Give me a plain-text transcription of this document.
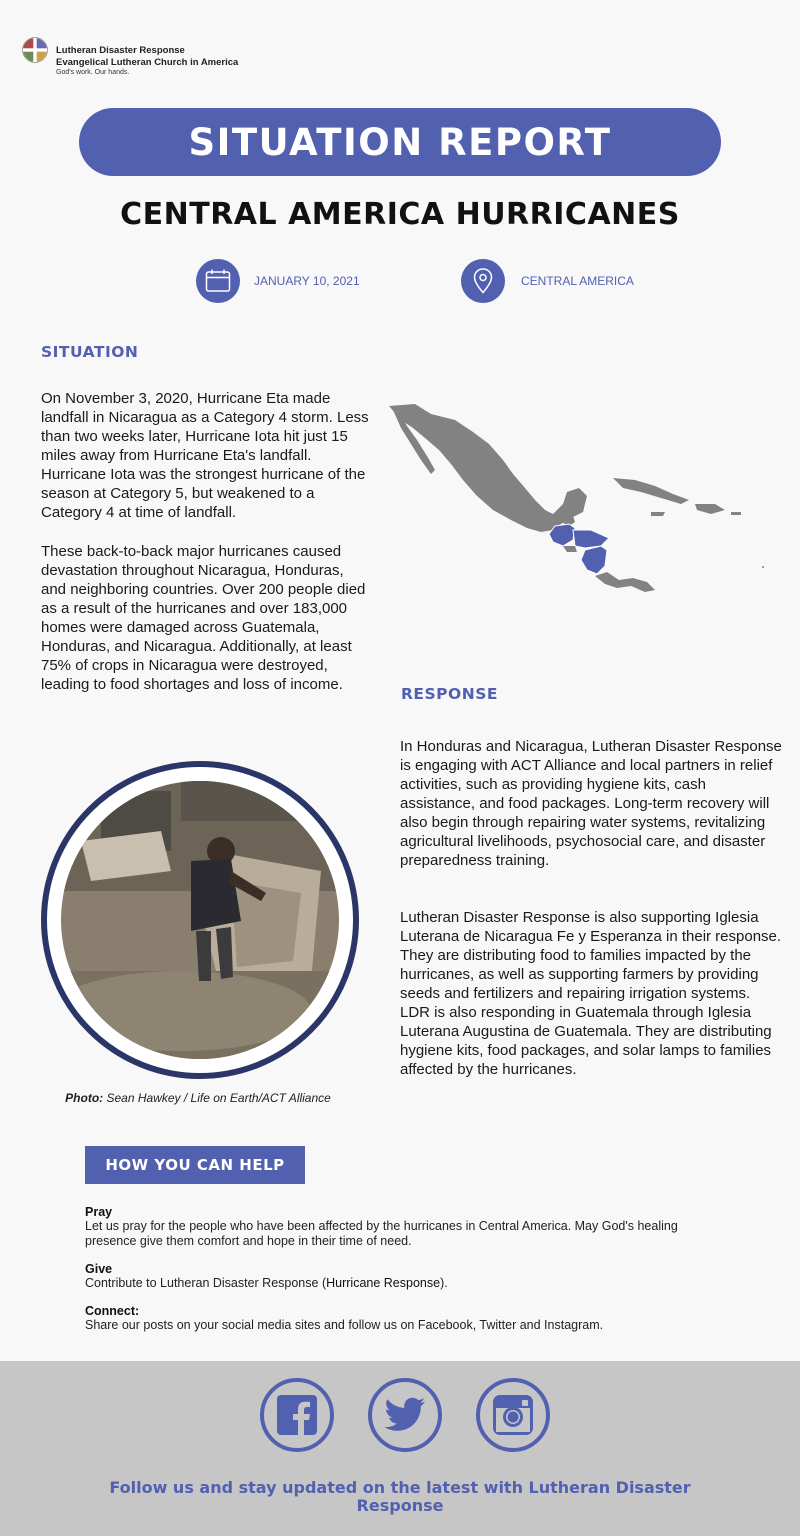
Lutheran Disaster Response
Evangelical Lutheran Church in America
God's work. Our hands.
SITUATION REPORT
CENTRAL AMERICA HURRICANES
JANUARY 10, 2021	CENTRAL AMERICA
SITUATION
On November 3, 2020, Hurricane Eta made landfall in Nicaragua as a Category 4 storm. Less than two weeks later, Hurricane Iota hit just 15 miles away from Hurricane Eta's landfall. Hurricane Iota was the strongest hurricane of the season at Category 5, but weakened to a Category 4 at time of landfall.
These back-to-back major hurricanes caused devastation throughout Nicaragua, Honduras, and neighboring countries. Over 200 people died as a result of the hurricanes and over 183,000 homes were damaged across Guatemala, Honduras, and Nicaragua. Additionally, at least 75% of crops in Nicaragua were destroyed, leading to food shortages and loss of income.
RESPONSE
In Honduras and Nicaragua, Lutheran Disaster Response is engaging with ACT Alliance and local partners in relief activities, such as providing hygiene kits, cash assistance, and food packages. Long-term recovery will also begin through repairing water systems, revitalizing agricultural livelihoods, psychosocial care, and disaster preparedness training.
Lutheran Disaster Response is also supporting Iglesia Luterana de Nicaragua Fe y Esperanza in their response. They are distributing food to families impacted by the hurricanes, as well as supporting farmers by providing seeds and fertilizers and repairing irrigation systems. LDR is also responding in Guatemala through Iglesia Luterana Augustina de Guatemala. They are distributing hygiene kits, food packages, and solar lamps to families affected by the hurricanes.
Photo: Sean Hawkey / Life on Earth/ACT Alliance
HOW YOU CAN HELP
Pray
Let us pray for the people who have been affected by the hurricanes in Central America. May God's healing presence give them comfort and hope in their time of need.
Give
Contribute to Lutheran Disaster Response (Hurricane Response).
Connect:
Share our posts on your social media sites and follow us on Facebook, Twitter and Instagram.
Follow us and stay updated on the latest with Lutheran Disaster Response
